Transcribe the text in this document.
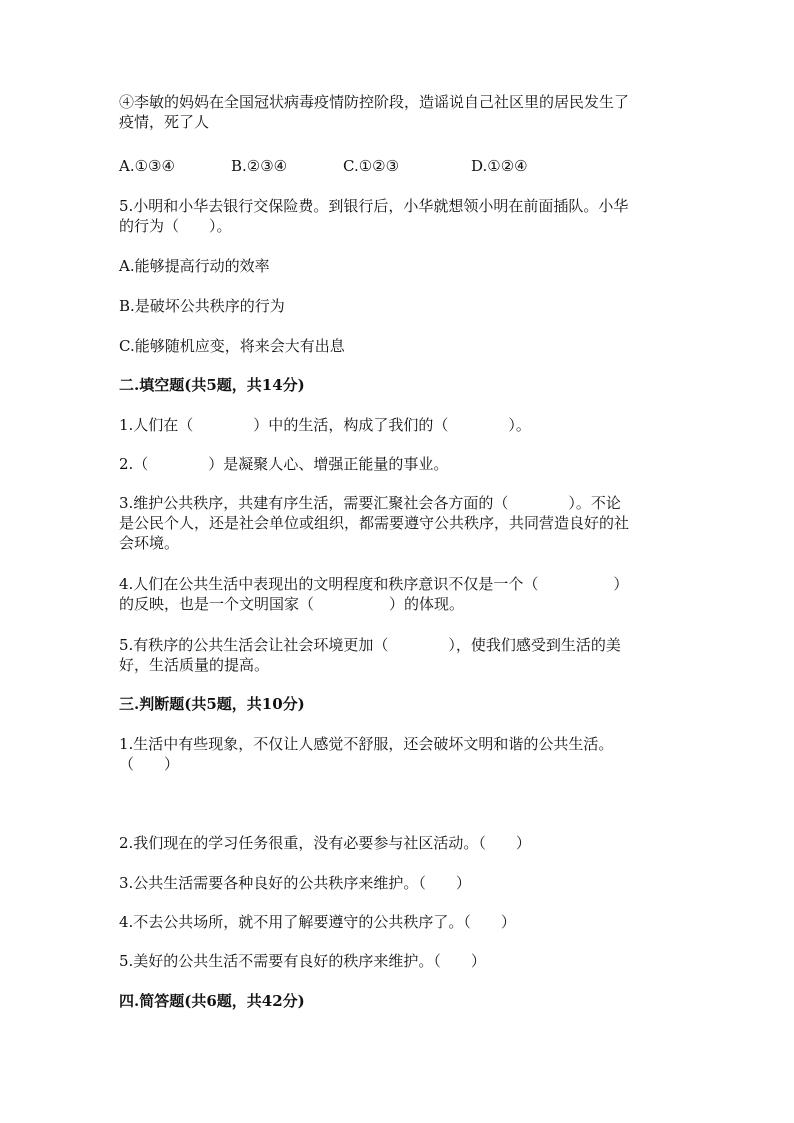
④李敏的妈妈在全国冠状病毒疫情防控阶段，造谣说自己社区里的居民发生了
疫情，死了人
A.①③④	B.②③④	C.①②③	D.①②④
5.小明和小华去银行交保险费。到银行后，小华就想领小明在前面插队。小华
的行为（　　）。
A.能够提高行动的效率
B.是破坏公共秩序的行为
C.能够随机应变，将来会大有出息
二.填空题(共5题，共14分)
1.人们在（　　　　）中的生活，构成了我们的（　　　　）。
2.（　　　　）是凝聚人心、增强正能量的事业。
3.维护公共秩序，共建有序生活，需要汇聚社会各方面的（　　　　）。不论
是公民个人，还是社会单位或组织，都需要遵守公共秩序，共同营造良好的社
会环境。
4.人们在公共生活中表现出的文明程度和秩序意识不仅是一个（　　　　　）
的反映，也是一个文明国家（　　　　　）的体现。
5.有秩序的公共生活会让社会环境更加（　　　　），使我们感受到生活的美
好，生活质量的提高。
三.判断题(共5题，共10分)
1.生活中有些现象，不仅让人感觉不舒服，还会破坏文明和谐的公共生活。
（　　）
2.我们现在的学习任务很重，没有必要参与社区活动。（　　）
3.公共生活需要各种良好的公共秩序来维护。（　　）
4.不去公共场所，就不用了解要遵守的公共秩序了。（　　）
5.美好的公共生活不需要有良好的秩序来维护。（　　）
四.简答题(共6题，共42分)
